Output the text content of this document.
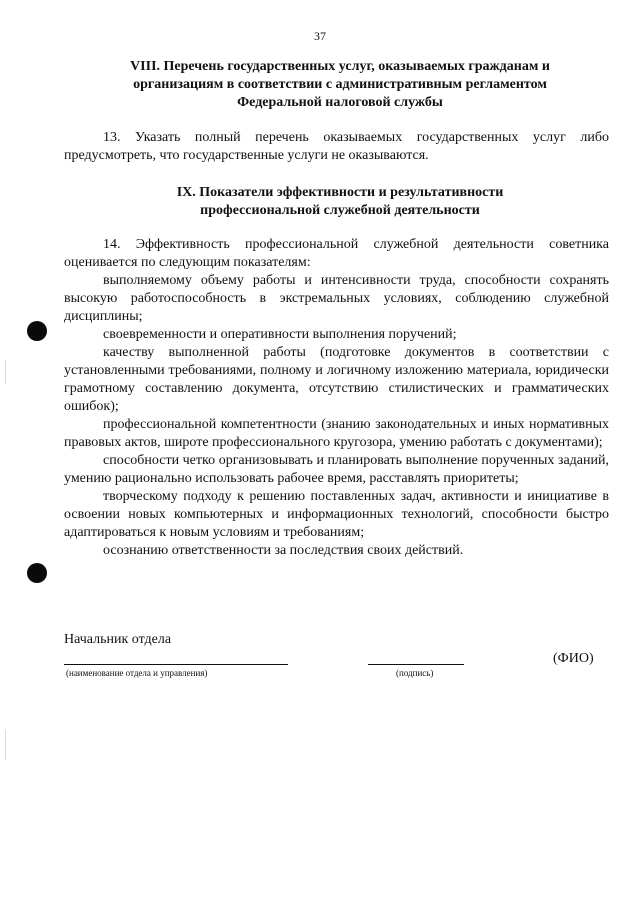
37
VIII. Перечень государственных услуг, оказываемых гражданам и
организациям в соответствии с административным регламентом
Федеральной налоговой службы
13. Указать полный перечень оказываемых государственных услуг либо предусмотреть, что государственные услуги не оказываются.
IX. Показатели эффективности и результативности
профессиональной служебной деятельности
14. Эффективность профессиональной служебной деятельности советника оценивается по следующим показателям:
выполняемому объему работы и интенсивности труда, способности сохранять высокую работоспособность в экстремальных условиях, соблюдению служебной дисциплины;
своевременности и оперативности выполнения поручений;
качеству выполненной работы (подготовке документов в соответствии с установленными требованиями, полному и логичному изложению материала, юридически грамотному составлению документа, отсутствию стилистических и грамматических ошибок);
профессиональной компетентности (знанию законодательных и иных нормативных правовых актов, широте профессионального кругозора, умению работать с документами);
способности четко организовывать и планировать выполнение порученных заданий, умению рационально использовать рабочее время, расставлять приоритеты;
творческому подходу к решению поставленных задач, активности и инициативе в освоении новых компьютерных и информационных технологий, способности быстро адаптироваться к новым условиям и требованиям;
осознанию ответственности за последствия своих действий.
Начальник отдела
(наименование отдела и управления)	(подпись)
(ФИО)
